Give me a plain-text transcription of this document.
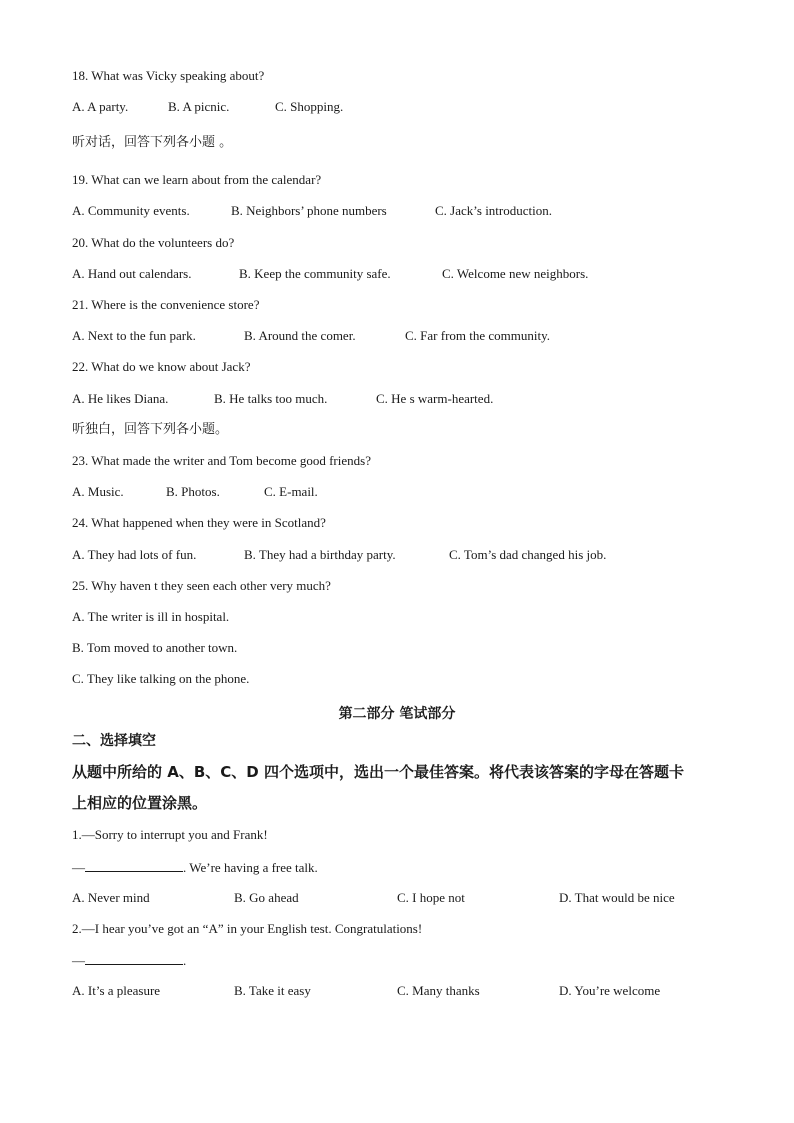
18. What was Vicky speaking about?
A. A party.	B. A picnic.	C. Shopping.
听对话，回答下列各小题 。
19. What can we learn about from the calendar?
A. Community events.	B. Neighbors’ phone numbers	C. Jack’s introduction.
20. What do the volunteers do?
A. Hand out calendars.	B. Keep the community safe.	C. Welcome new neighbors.
21. Where is the convenience store?
A. Next to the fun park.	B. Around the comer.	C. Far from the community.
22. What do we know about Jack?
A. He likes Diana.	B. He talks too much.	C. He s warm-hearted.
听独白，回答下列各小题。
23. What made the writer and Tom become good friends?
A. Music.	B. Photos.	C. E-mail.
24. What happened when they were in Scotland?
A. They had lots of fun.	B. They had a birthday party.	C. Tom’s dad changed his job.
25. Why haven t they seen each other very much?
A. The writer is ill in hospital.
B. Tom moved to another town.
C. They like talking on the phone.
第二部分 笔试部分
二、选择填空
从题中所给的 A、B、C、D 四个选项中，选出一个最佳答案。将代表该答案的字母在答题卡
上相应的位置涂黑。
1.—Sorry to interrupt you and Frank!
—	. We’re having a free talk.
A. Never mind	B. Go ahead	C. I hope not	D. That would be nice
2.—I hear you’ve got an “A” in your English test. Congratulations!
—	.
A. It’s a pleasure	B. Take it easy	C. Many thanks	D. You’re welcome
